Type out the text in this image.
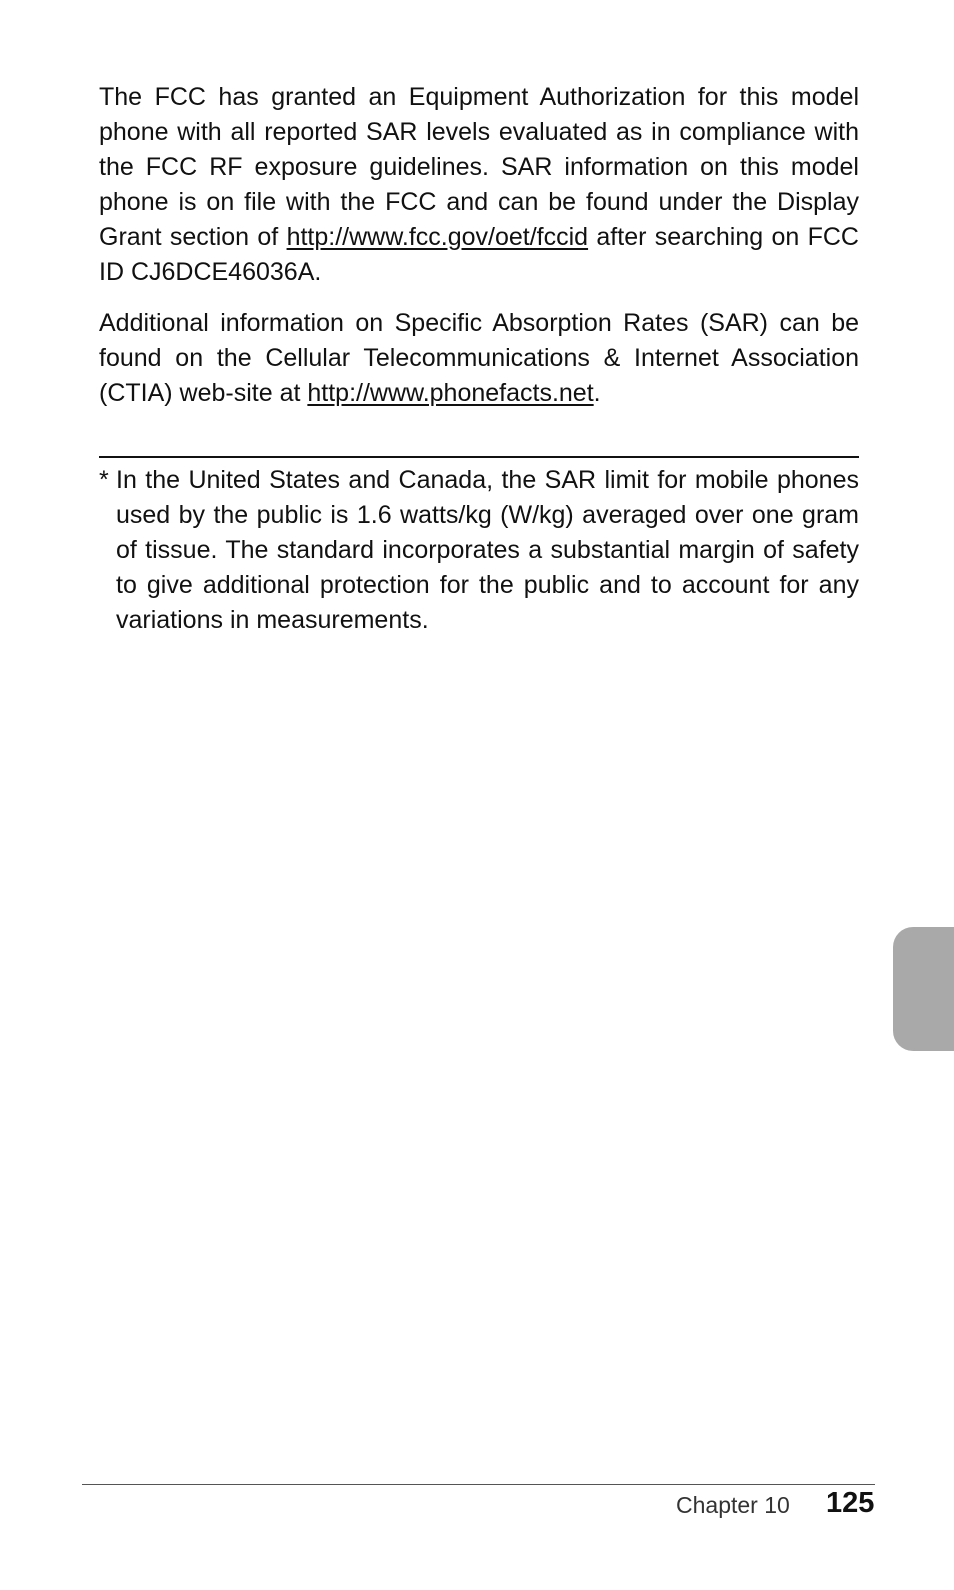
The FCC has granted an Equipment Authorization for this model phone with all reported SAR levels evaluated as in compliance with the FCC RF exposure guidelines. SAR information on this model phone is on file with the FCC and can be found under the Display Grant section of http://www.fcc.gov/oet/fccid after searching on FCC ID CJ6DCE46036A.

Additional information on Specific Absorption Rates (SAR) can be found on the Cellular Telecommunications & Internet Association (CTIA) web-site at http://www.phonefacts.net.

* In the United States and Canada, the SAR limit for mobile phones used by the public is 1.6 watts/kg (W/kg) averaged over one gram of tissue. The standard incorporates a substantial margin of safety to give additional protection for the public and to account for any variations in measurements.
Chapter 10 125
